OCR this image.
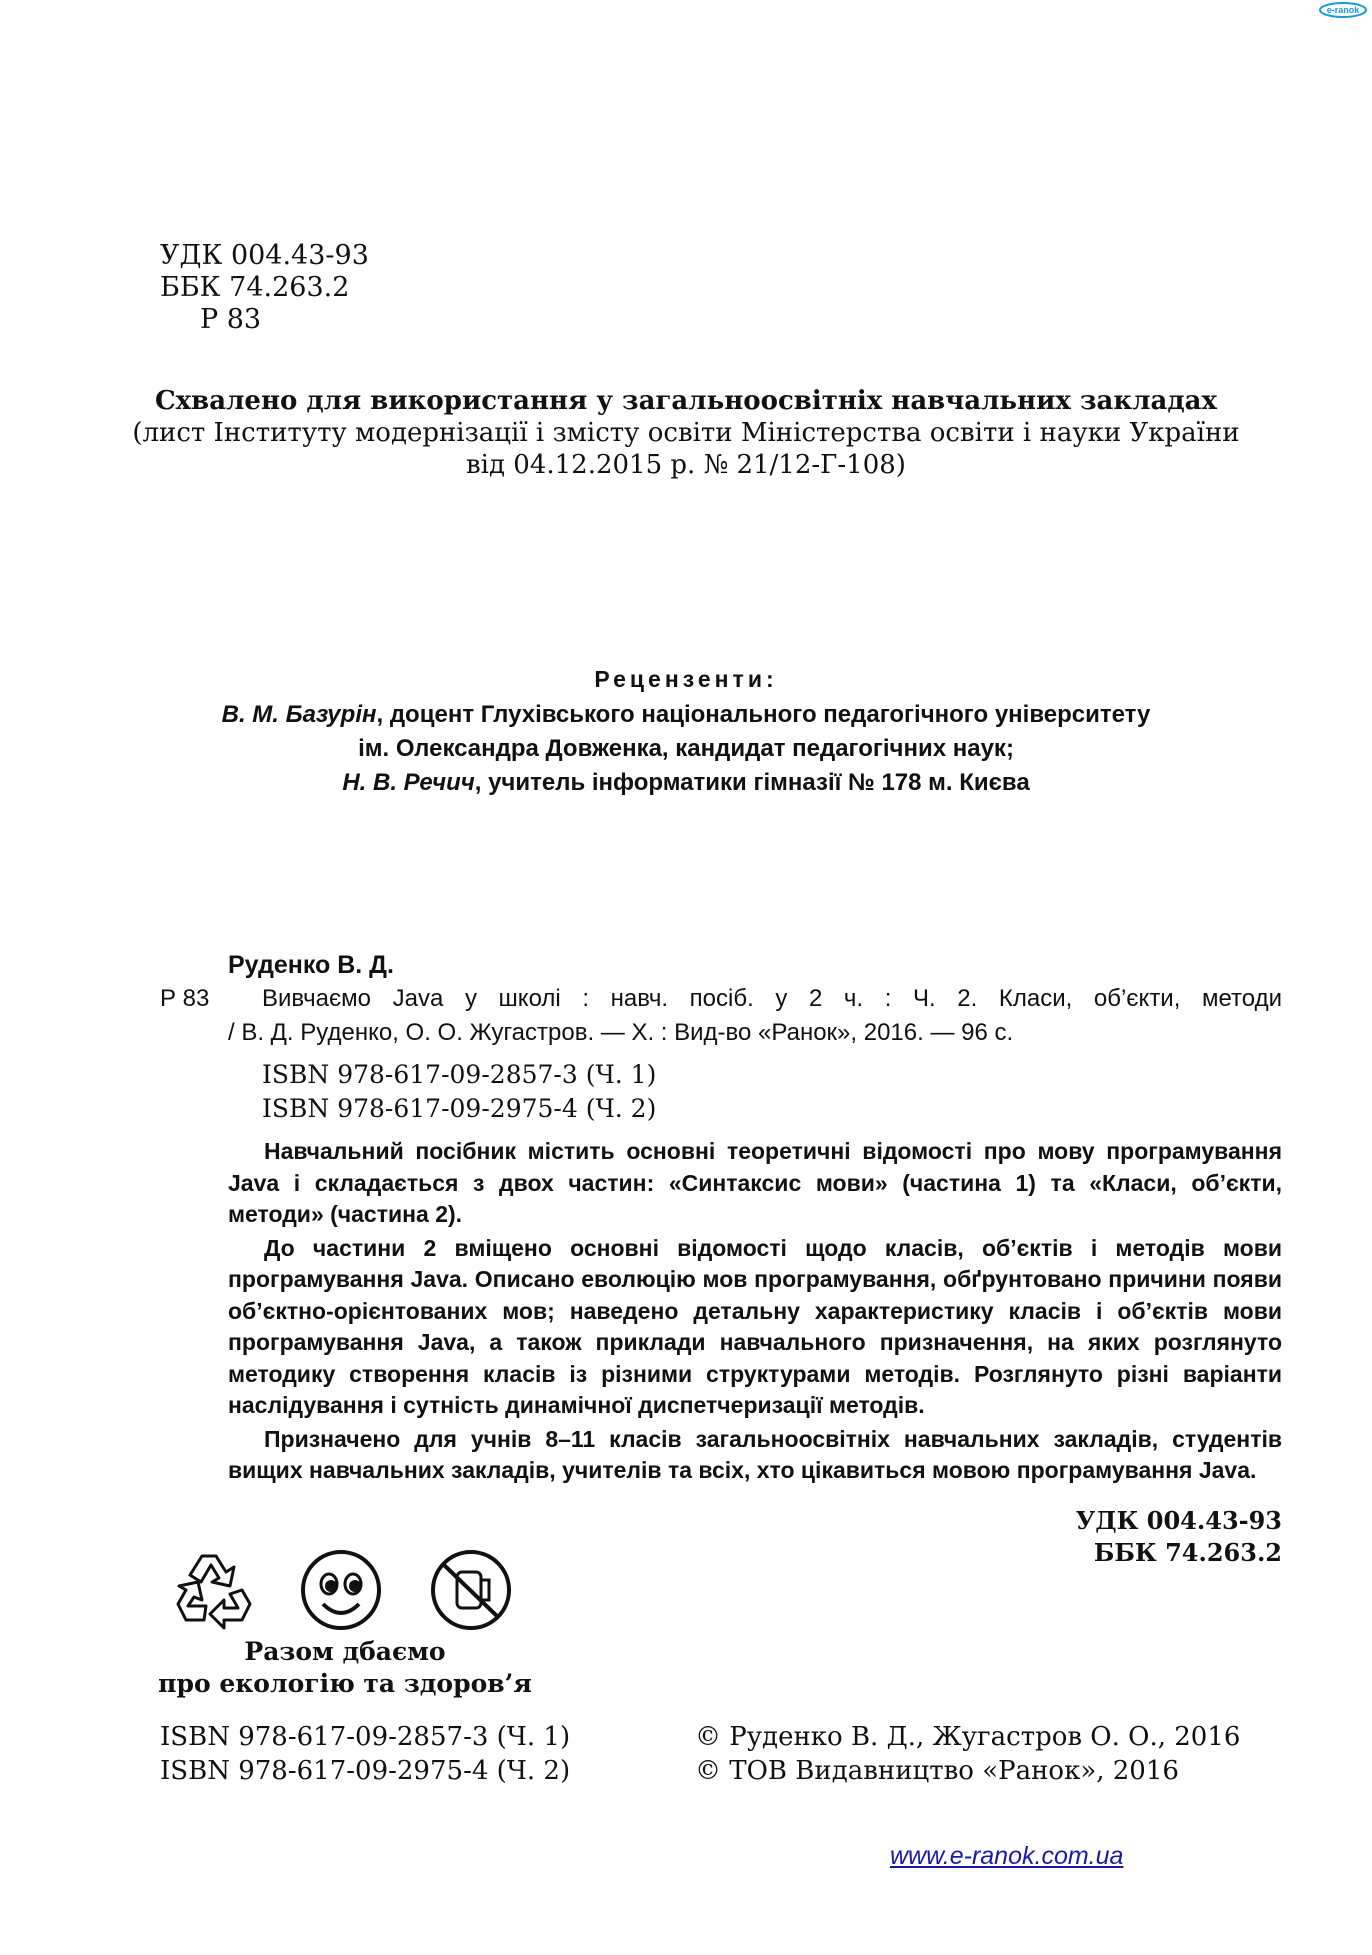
e-ranok
УДК 004.43-93
ББК 74.263.2
Р 83
Схвалено для використання у загальноосвітніх навчальних закладах
(лист Інституту модернізації і змісту освіти Міністерства освіти і науки України
від 04.12.2015 р. № 21/12-Г-108)
Рецензенти:
В. М. Базурін, доцент Глухівського національного педагогічного університету
ім. Олександра Довженка, кандидат педагогічних наук;
Н. В. Речич, учитель інформатики гімназії № 178 м. Києва
Руденко В. Д.
Р 83 Вивчаємо Java у школі : навч. посіб. у 2 ч. : Ч. 2. Класи, об’єкти, методи
/ В. Д. Руденко, О. О. Жугастров. — Х. : Вид-во «Ранок», 2016. — 96 с.
ISBN 978-617-09-2857-3 (Ч. 1)
ISBN 978-617-09-2975-4 (Ч. 2)

Навчальний посібник містить основні теоретичні відомості про мову програмування Java і складається з двох частин: «Синтаксис мови» (частина 1) та «Класи, об’єкти, методи» (частина 2).

До частини 2 вміщено основні відомості щодо класів, об’єктів і методів мови програмування Java. Описано еволюцію мов програмування, обґрунтовано причини появи об’єктно-орієнтованих мов; наведено детальну характеристику класів і об’єктів мови програмування Java, а також приклади навчального призначення, на яких розглянуто методику створення класів із різними структурами методів. Розглянуто різні варіанти наслідування і сутність динамічної диспетчеризації методів.

Призначено для учнів 8–11 класів загальноосвітніх навчальних закладів, студентів вищих навчальних закладів, учителів та всіх, хто цікавиться мовою програмування Java.

УДК 004.43-93
ББК 74.263.2
Разом дбаємо
про екологію та здоров’я
ISBN 978-617-09-2857-3 (Ч. 1)
ISBN 978-617-09-2975-4 (Ч. 2)
© Руденко В. Д., Жугастров О. О., 2016
© ТОВ Видавництво «Ранок», 2016
www.e-ranok.com.ua
